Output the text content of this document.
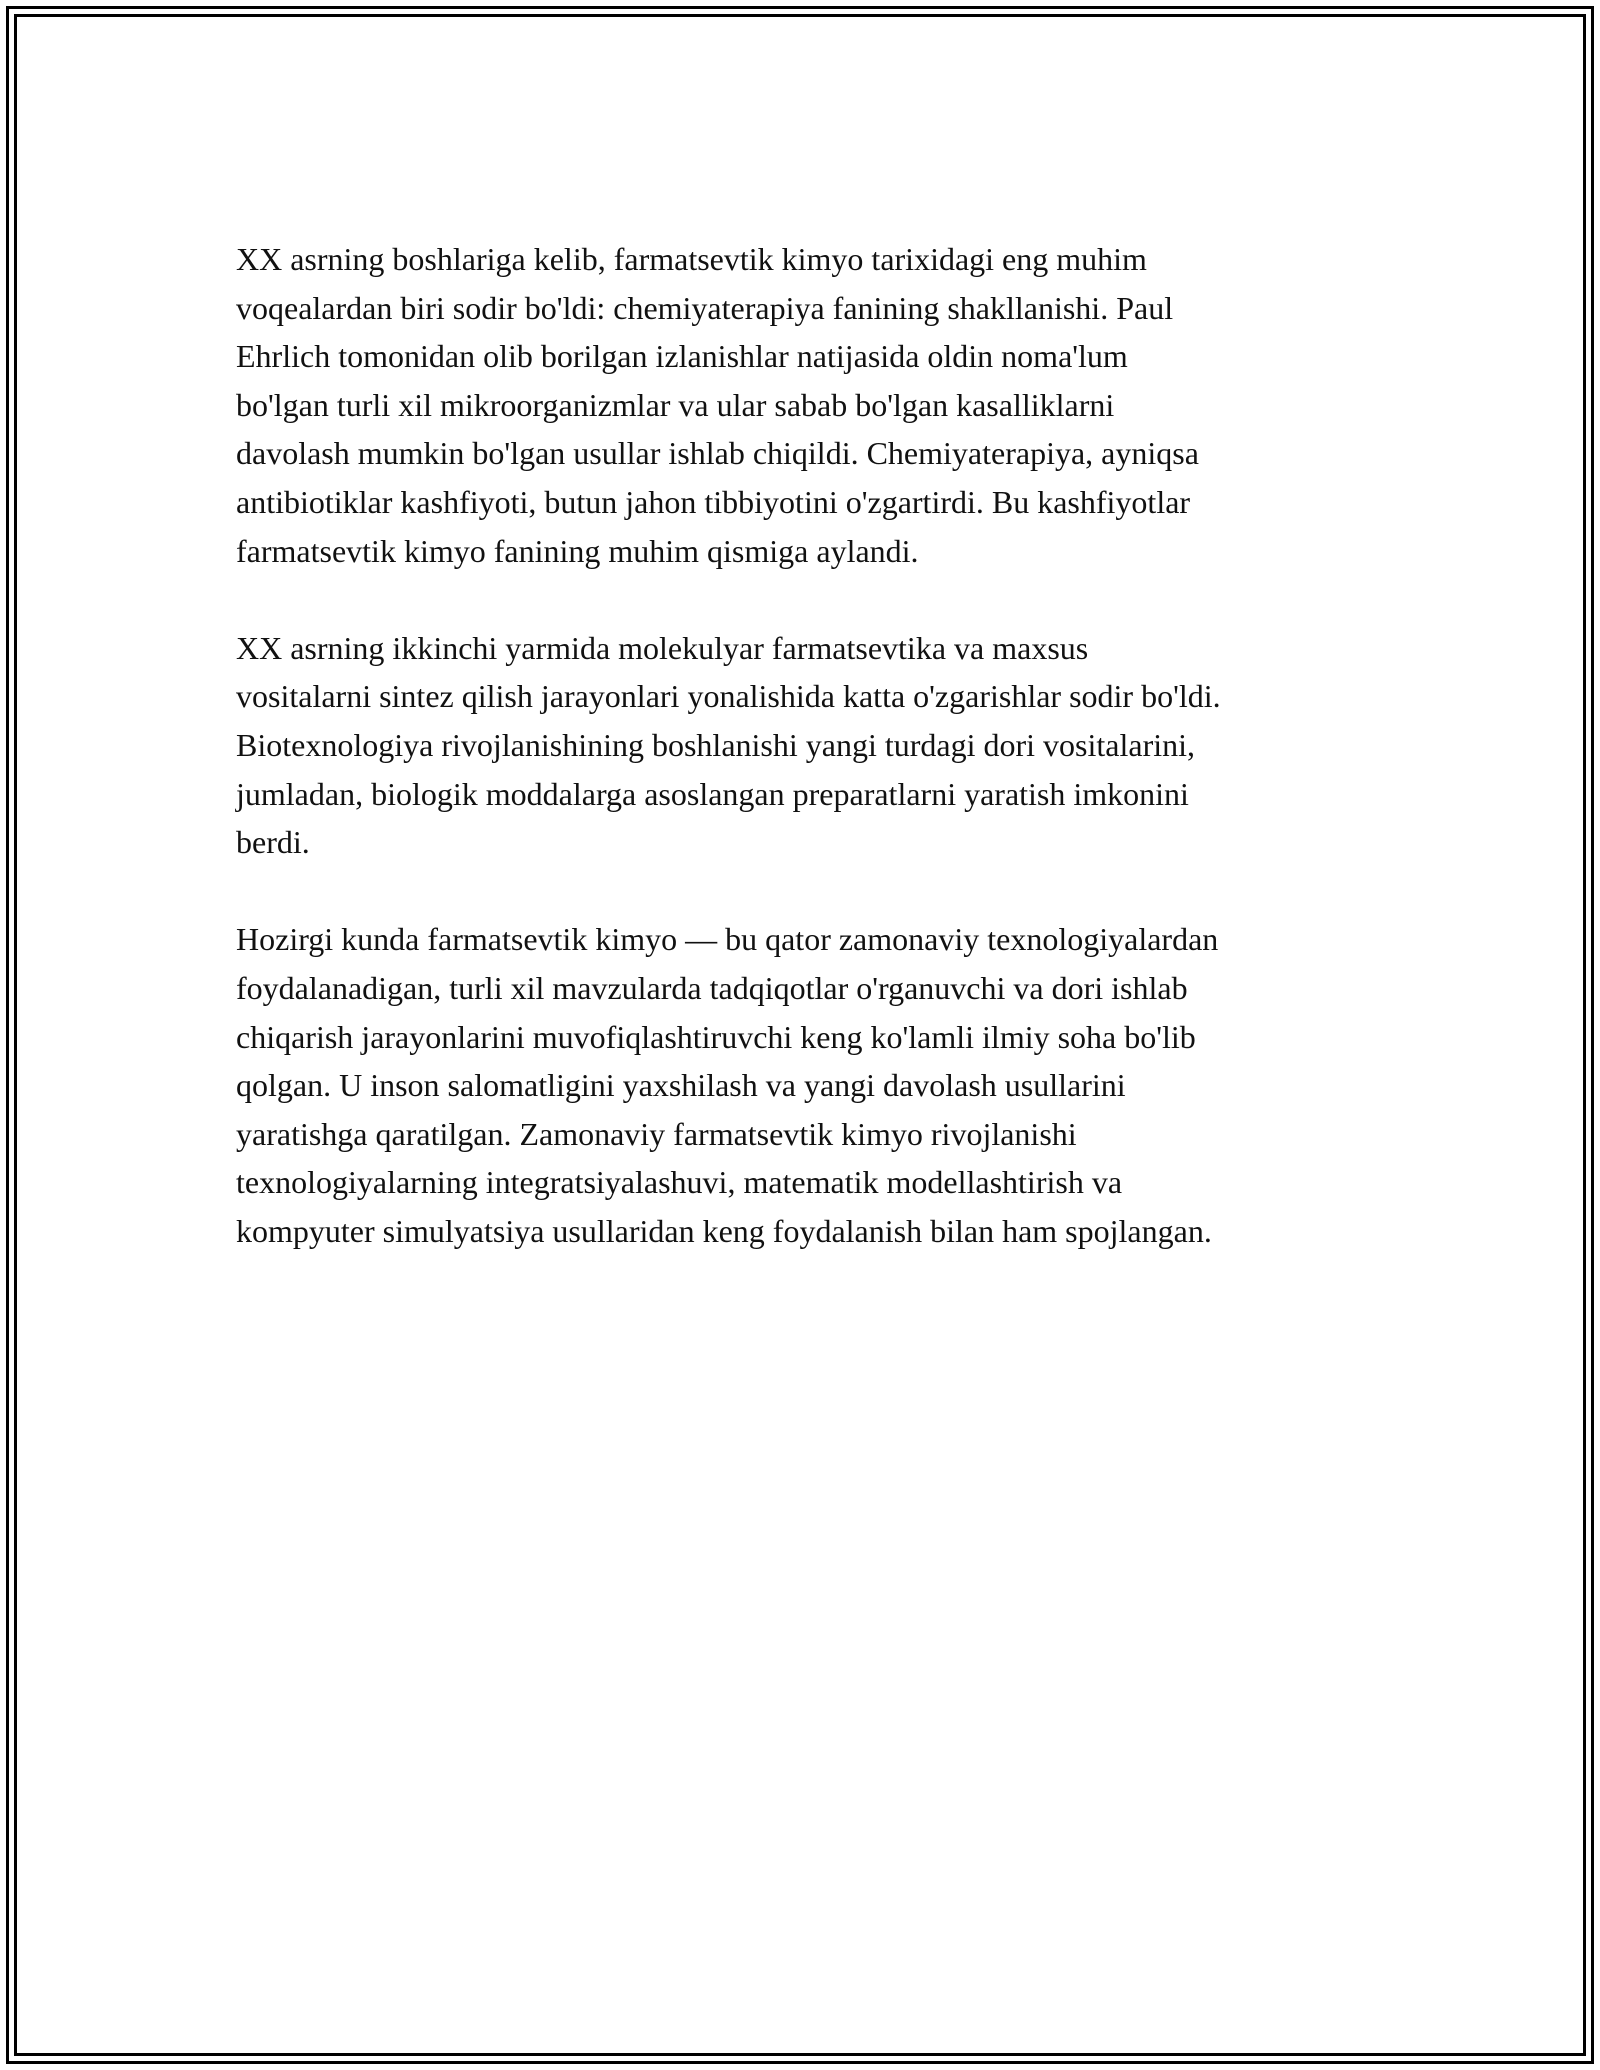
XX asrning boshlariga kelib, farmatsevtik kimyo tarixidagi eng muhim
voqealardan biri sodir bo'ldi: chemiyaterapiya fanining shakllanishi. Paul
Ehrlich tomonidan olib borilgan izlanishlar natijasida oldin noma'lum
bo'lgan turli xil mikroorganizmlar va ular sabab bo'lgan kasalliklarni
davolash mumkin bo'lgan usullar ishlab chiqildi. Chemiyaterapiya, ayniqsa
antibiotiklar kashfiyoti, butun jahon tibbiyotini o'zgartirdi. Bu kashfiyotlar
farmatsevtik kimyo fanining muhim qismiga aylandi.

XX asrning ikkinchi yarmida molekulyar farmatsevtika va maxsus
vositalarni sintez qilish jarayonlari yonalishida katta o'zgarishlar sodir bo'ldi.
Biotexnologiya rivojlanishining boshlanishi yangi turdagi dori vositalarini,
jumladan, biologik moddalarga asoslangan preparatlarni yaratish imkonini
berdi.

Hozirgi kunda farmatsevtik kimyo — bu qator zamonaviy texnologiyalardan
foydalanadigan, turli xil mavzularda tadqiqotlar o'rganuvchi va dori ishlab
chiqarish jarayonlarini muvofiqlashtiruvchi keng ko'lamli ilmiy soha bo'lib
qolgan. U inson salomatligini yaxshilash va yangi davolash usullarini
yaratishga qaratilgan. Zamonaviy farmatsevtik kimyo rivojlanishi
texnologiyalarning integratsiyalashuvi, matematik modellashtirish va
kompyuter simulyatsiya usullaridan keng foydalanish bilan ham spojlangan.
